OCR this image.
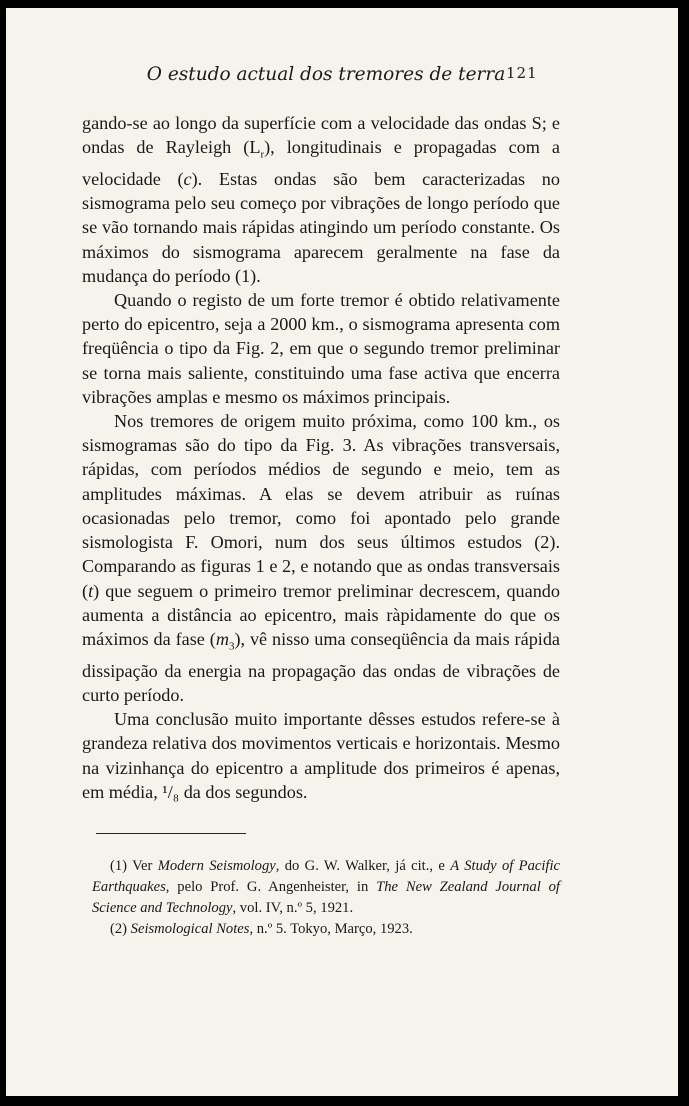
O estudo actual dos tremores de terra 121

gando-se ao longo da superfície com a velocidade das ondas S; e ondas de Rayleigh $(L_r)$, longitudinais e propagadas com a velocidade (c). Estas ondas são bem caracterizadas no sismograma pelo seu começo por vibrações de longo período que se vão tornando mais rápidas atingindo um período constante. Os máximos do sismograma aparecem geralmente na fase da mudança do período (1).

Quando o registo de um forte tremor é obtido relativamente perto do epicentro, seja a 2000 km., o sismograma apresenta com freqüência o tipo da Fig. 2, em que o segundo tremor preliminar se torna mais saliente, constituindo uma fase activa que encerra vibrações amplas e mesmo os máximos principais.

Nos tremores de origem muito próxima, como 100 km., os sismogramas são do tipo da Fig. 3. As vibrações transversais, rápidas, com períodos médios de segundo e meio, tem as amplitudes máximas. A elas se devem atribuir as ruínas ocasionadas pelo tremor, como foi apontado pelo grande sismologista F. Omori, num dos seus últimos estudos (2). Comparando as figuras 1 e 2, e notando que as ondas transversais (t) que seguem o primeiro tremor preliminar decrescem, quando aumenta a distância ao epicentro, mais ràpidamente do que os máximos da fase $(m_3)$, vê nisso uma conseqüência da mais rápida dissipação da energia na propagação das ondas de vibrações de curto período.

Uma conclusão muito importante dêsses estudos refere-se à grandeza relativa dos movimentos verticais e horizontais. Mesmo na vizinhança do epicentro a amplitude dos primeiros é apenas, em média, ¹/₈ da dos segundos.

(1) Ver Modern Seismology, do G. W. Walker, já cit., e A Study of Pacific Earthquakes, pelo Prof. G. Angenheister, in The New Zealand Journal of Science and Technology, vol. IV, n.º 5, 1921.

(2) Seismological Notes, n.º 5. Tokyo, Março, 1923.
